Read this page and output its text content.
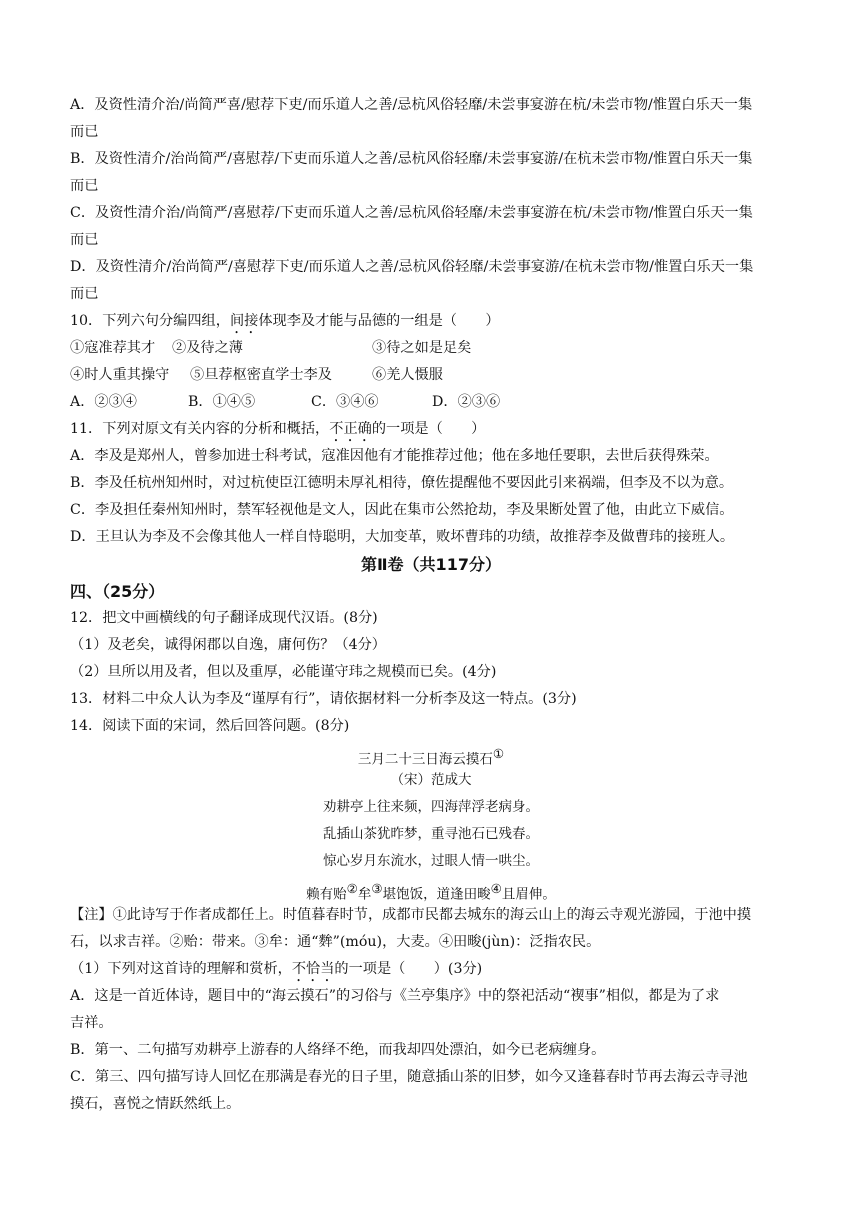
A．及资性清介治/尚简严喜/慰荐下吏/而乐道人之善/忌杭风俗轻靡/未尝事宴游在杭/未尝市物/惟置白乐天一集
而已
B．及资性清介/治尚简严/喜慰荐/下吏而乐道人之善/忌杭风俗轻靡/未尝事宴游/在杭未尝市物/惟置白乐天一集
而已
C．及资性清介治/尚简严/喜慰荐/下吏而乐道人之善/忌杭风俗轻靡/未尝事宴游在杭/未尝市物/惟置白乐天一集
而已
D．及资性清介/治尚简严/喜慰荐下吏/而乐道人之善/忌杭风俗轻靡/未尝事宴游/在杭未尝市物/惟置白乐天一集
而已
10．下列六句分编四组，间接体现李及才能与品德的一组是（　　）
①寇准荐其才 ②及待之薄	③待之如是足矣
④时人重其操守 ⑤旦荐枢密直学士李及	⑥羌人慑服
A．②③④	B．①④⑤	C．③④⑥	D．②③⑥
11．下列对原文有关内容的分析和概括，不正确的一项是（　　）
A．李及是郑州人，曾参加进士科考试，寇准因他有才能推荐过他；他在多地任要职，去世后获得殊荣。
B．李及任杭州知州时，对过杭使臣江德明未厚礼相待，僚佐提醒他不要因此引来祸端，但李及不以为意。
C．李及担任秦州知州时，禁军轻视他是文人，因此在集市公然抢劫，李及果断处置了他，由此立下威信。
D．王旦认为李及不会像其他人一样自恃聪明，大加变革，败坏曹玮的功绩，故推荐李及做曹玮的接班人。
第Ⅱ卷（共117分）
四、（25分）
12．把文中画横线的句子翻译成现代汉语。(8分)
（1）及老矣，诚得闲郡以自逸，庸何伤？（4分）
（2）旦所以用及者，但以及重厚，必能谨守玮之规模而已矣。(4分)
13．材料二中众人认为李及“谨厚有行”，请依据材料一分析李及这一特点。(3分)
14．阅读下面的宋词，然后回答问题。(8分)
三月二十三日海云摸石①
（宋）范成大
劝耕亭上往来频，四海萍浮老病身。
乱插山茶犹昨梦，重寻池石已残春。
惊心岁月东流水，过眼人情一哄尘。
赖有贻②牟③堪饱饭，道逢田畯④且眉伸。
【注】①此诗写于作者成都任上。时值暮春时节，成都市民都去城东的海云山上的海云寺观光游园，于池中摸
石，以求吉祥。②贻：带来。③牟：通“麰”(móu)，大麦。④田畯(jùn)：泛指农民。
（1）下列对这首诗的理解和赏析，不恰当的一项是（　　）(3分)
A．这是一首近体诗，题目中的“海云摸石”的习俗与《兰亭集序》中的祭祀活动“褉事”相似，都是为了求
吉祥。
B．第一、二句描写劝耕亭上游春的人络绎不绝，而我却四处漂泊，如今已老病缠身。
C．第三、四句描写诗人回忆在那满是春光的日子里，随意插山茶的旧梦，如今又逢暮春时节再去海云寺寻池
摸石，喜悦之情跃然纸上。
